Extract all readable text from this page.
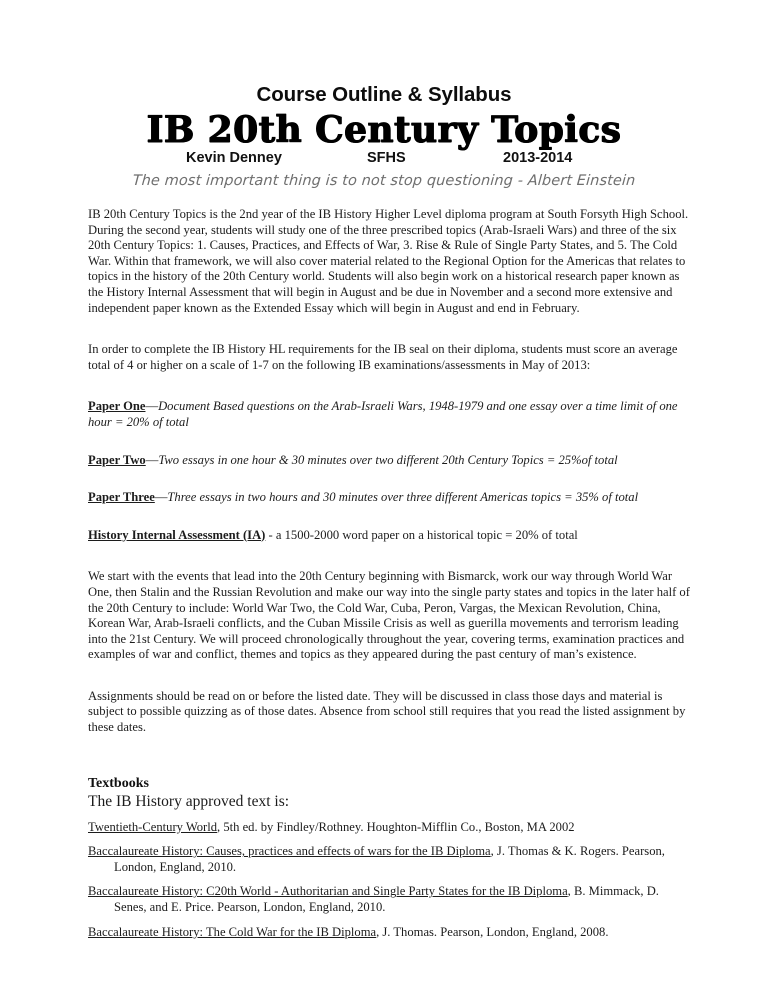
Course Outline & Syllabus
IB 20th Century Topics
Kevin Denney	SFHS	2013-2014
The most important thing is to not stop questioning - Albert Einstein

IB 20th Century Topics is the 2nd year of the IB History Higher Level diploma program at South Forsyth High School. During the second year, students will study one of the three prescribed topics (Arab-Israeli Wars) and three of the six 20th Century Topics: 1. Causes, Practices, and Effects of War, 3. Rise & Rule of Single Party States, and 5. The Cold War. Within that framework, we will also cover material related to the Regional Option for the Americas that relates to topics in the history of the 20th Century world. Students will also begin work on a historical research paper known as the History Internal Assessment that will begin in August and be due in November and a second more extensive and independent paper known as the Extended Essay which will begin in August and end in February.

In order to complete the IB History HL requirements for the IB seal on their diploma, students must score an average total of 4 or higher on a scale of 1-7 on the following IB examinations/assessments in May of 2013:

Paper One—Document Based questions on the Arab-Israeli Wars, 1948-1979 and one essay over a time limit of one hour = 20% of total

Paper Two—Two essays in one hour & 30 minutes over two different 20th Century Topics = 25%of total

Paper Three—Three essays in two hours and 30 minutes over three different Americas topics = 35% of total

History Internal Assessment (IA) - a 1500-2000 word paper on a historical topic = 20% of total

We start with the events that lead into the 20th Century beginning with Bismarck, work our way through World War One, then Stalin and the Russian Revolution and make our way into the single party states and topics in the later half of the 20th Century to include: World War Two, the Cold War, Cuba, Peron, Vargas, the Mexican Revolution, China, Korean War, Arab-Israeli conflicts, and the Cuban Missile Crisis as well as guerilla movements and terrorism leading into the 21st Century. We will proceed chronologically throughout the year, covering terms, examination practices and examples of war and conflict, themes and topics as they appeared during the past century of man’s existence.

Assignments should be read on or before the listed date. They will be discussed in class those days and material is subject to possible quizzing as of those dates. Absence from school still requires that you read the listed assignment by these dates.

Textbooks
The IB History approved text is:

Twentieth-Century World, 5th ed. by Findley/Rothney. Houghton-Mifflin Co., Boston, MA 2002

Baccalaureate History: Causes, practices and effects of wars for the IB Diploma, J. Thomas & K. Rogers. Pearson, London, England, 2010.

Baccalaureate History: C20th World - Authoritarian and Single Party States for the IB Diploma, B. Mimmack, D. Senes, and E. Price. Pearson, London, England, 2010.

Baccalaureate History: The Cold War for the IB Diploma, J. Thomas. Pearson, London, England, 2008.
